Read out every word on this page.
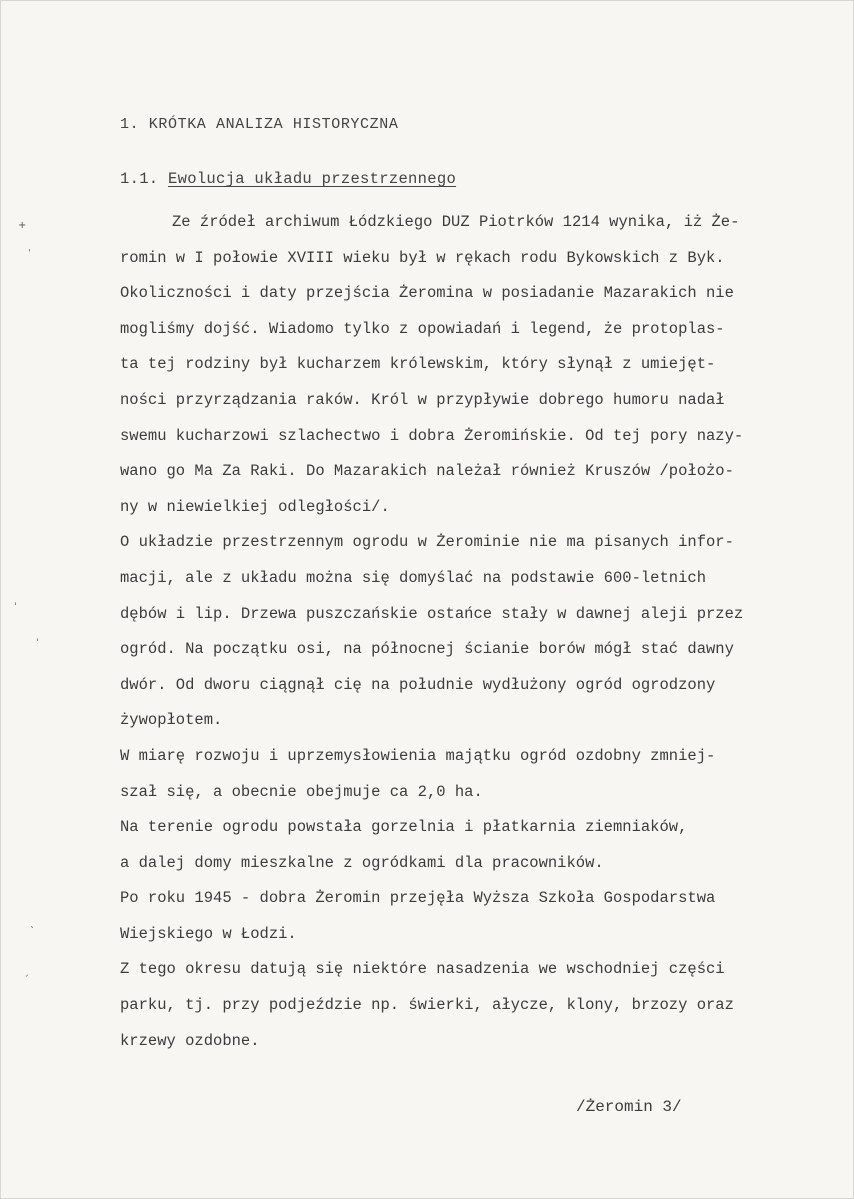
1. KRÓTKA ANALIZA HISTORYCZNA
1.1. Ewolucja układu przestrzennego
Ze źródeł archiwum Łódzkiego DUZ Piotrków 1214 wynika, iż Że-
romin w I połowie XVIII wieku był w rękach rodu Bykowskich z Byk.
Okoliczności i daty przejścia Żeromina w posiadanie Mazarakich nie
mogliśmy dojść. Wiadomo tylko z opowiadań i legend, że protoplas-
ta tej rodziny był kucharzem królewskim, który słynął z umiejęt-
ności przyrządzania raków. Król w przypływie dobrego humoru nadał
swemu kucharzowi szlachectwo i dobra Żeromińskie. Od tej pory nazy-
wano go Ma Za Raki. Do Mazarakich należał również Kruszów /położo-
ny w niewielkiej odległości/.
O układzie przestrzennym ogrodu w Żerominie nie ma pisanych infor-
macji, ale z układu można się domyślać na podstawie 600-letnich
dębów i lip. Drzewa puszczańskie ostańce stały w dawnej aleji przez
ogród. Na początku osi, na północnej ścianie borów mógł stać dawny
dwór. Od dworu ciągnął cię na południe wydłużony ogród ogrodzony
żywopłotem.
W miarę rozwoju i uprzemysłowienia majątku ogród ozdobny zmniej-
szał się, a obecnie obejmuje ca 2,0 ha.
Na terenie ogrodu powstała gorzelnia i płatkarnia ziemniaków,
a dalej domy mieszkalne z ogródkami dla pracowników.
Po roku 1945 - dobra Żeromin przejęła Wyższa Szkoła Gospodarstwa
Wiejskiego w Łodzi.
Z tego okresu datują się niektóre nasadzenia we wschodniej części
parku, tj. przy podjeździe np. świerki, ałycze, klony, brzozy oraz
krzewy ozdobne.
/Żeromin 3/
+
ˌ
ˈ
ˈ
ˋ
ˏ
